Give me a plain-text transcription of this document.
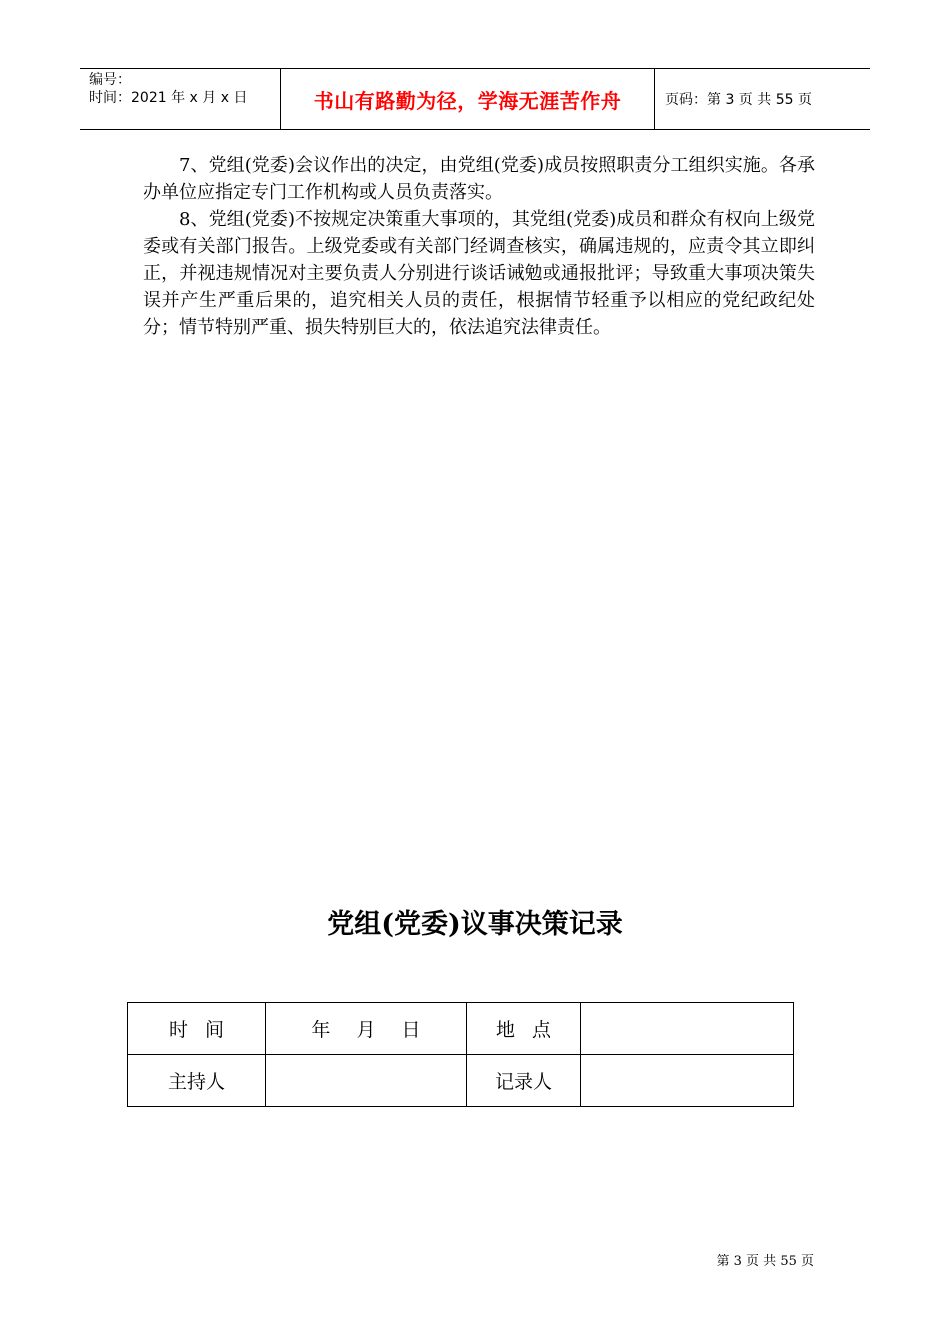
编号：
时间：2021 年 x 月 x 日	书山有路勤为径，学海无涯苦作舟	页码：第 3 页 共 55 页

7、党组(党委)会议作出的决定，由党组(党委)成员按照职责分工组织实施。各承办单位应指定专门工作机构或人员负责落实。

8、党组(党委)不按规定决策重大事项的，其党组(党委)成员和群众有权向上级党委或有关部门报告。上级党委或有关部门经调查核实，确属违规的，应责令其立即纠正，并视违规情况对主要负责人分别进行谈话诫勉或通报批评；导致重大事项决策失误并产生严重后果的，追究相关人员的责任，根据情节轻重予以相应的党纪政纪处分；情节特别严重、损失特别巨大的，依法追究法律责任。

党组(党委)议事决策记录
时间	年 月 日	地点	
主持人		记录人	
第 3 页 共 55 页
